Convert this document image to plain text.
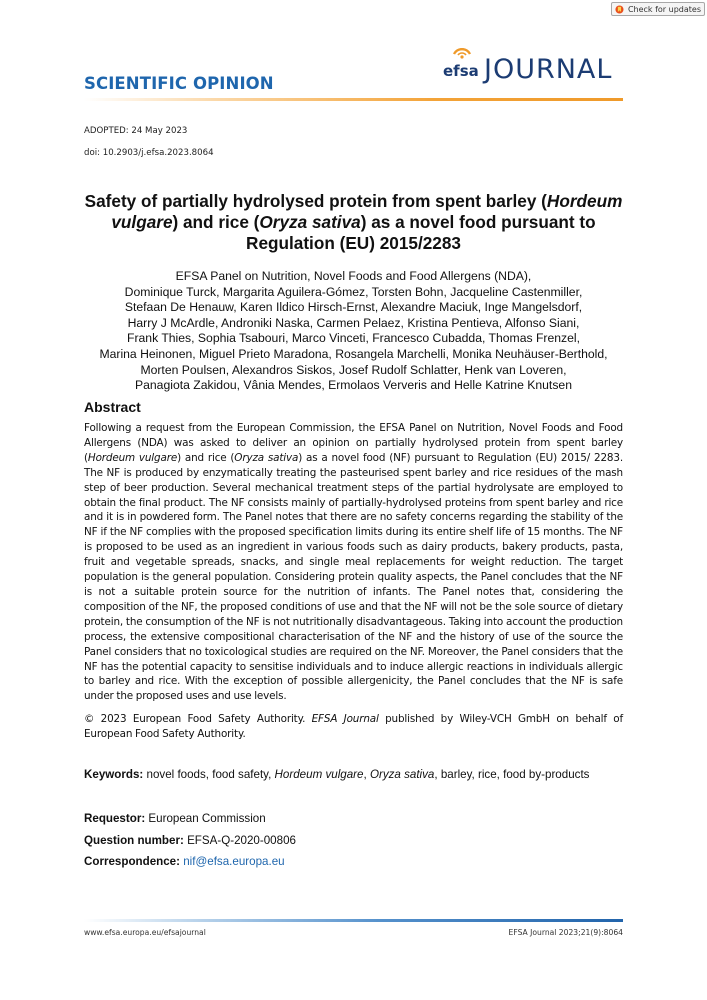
Check for updates
SCIENTIFIC OPINION
efsa JOURNAL
ADOPTED: 24 May 2023
doi: 10.2903/j.efsa.2023.8064
Safety of partially hydrolysed protein from spent barley (Hordeum vulgare) and rice (Oryza sativa) as a novel food pursuant to Regulation (EU) 2015/2283
EFSA Panel on Nutrition, Novel Foods and Food Allergens (NDA),
Dominique Turck, Margarita Aguilera-Gómez, Torsten Bohn, Jacqueline Castenmiller,
Stefaan De Henauw, Karen Ildico Hirsch-Ernst, Alexandre Maciuk, Inge Mangelsdorf,
Harry J McArdle, Androniki Naska, Carmen Pelaez, Kristina Pentieva, Alfonso Siani,
Frank Thies, Sophia Tsabouri, Marco Vinceti, Francesco Cubadda, Thomas Frenzel,
Marina Heinonen, Miguel Prieto Maradona, Rosangela Marchelli, Monika Neuhäuser-Berthold,
Morten Poulsen, Alexandros Siskos, Josef Rudolf Schlatter, Henk van Loveren,
Panagiota Zakidou, Vânia Mendes, Ermolaos Ververis and Helle Katrine Knutsen
Abstract
Following a request from the European Commission, the EFSA Panel on Nutrition, Novel Foods and Food Allergens (NDA) was asked to deliver an opinion on partially hydrolysed protein from spent barley (Hordeum vulgare) and rice (Oryza sativa) as a novel food (NF) pursuant to Regulation (EU) 2015/ 2283. The NF is produced by enzymatically treating the pasteurised spent barley and rice residues of the mash step of beer production. Several mechanical treatment steps of the partial hydrolysate are employed to obtain the final product. The NF consists mainly of partially-hydrolysed proteins from spent barley and rice and it is in powdered form. The Panel notes that there are no safety concerns regarding the stability of the NF if the NF complies with the proposed specification limits during its entire shelf life of 15 months. The NF is proposed to be used as an ingredient in various foods such as dairy products, bakery products, pasta, fruit and vegetable spreads, snacks, and single meal replacements for weight reduction. The target population is the general population. Considering protein quality aspects, the Panel concludes that the NF is not a suitable protein source for the nutrition of infants. The Panel notes that, considering the composition of the NF, the proposed conditions of use and that the NF will not be the sole source of dietary protein, the consumption of the NF is not nutritionally disadvantageous. Taking into account the production process, the extensive compositional characterisation of the NF and the history of use of the source the Panel considers that no toxicological studies are required on the NF. Moreover, the Panel considers that the NF has the potential capacity to sensitise individuals and to induce allergic reactions in individuals allergic to barley and rice. With the exception of possible allergenicity, the Panel concludes that the NF is safe under the proposed uses and use levels.
© 2023 European Food Safety Authority. EFSA Journal published by Wiley-VCH GmbH on behalf of European Food Safety Authority.
Keywords: novel foods, food safety, Hordeum vulgare, Oryza sativa, barley, rice, food by-products
Requestor: European Commission
Question number: EFSA-Q-2020-00806
Correspondence: nif@efsa.europa.eu
www.efsa.europa.eu/efsajournal	EFSA Journal 2023;21(9):8064
